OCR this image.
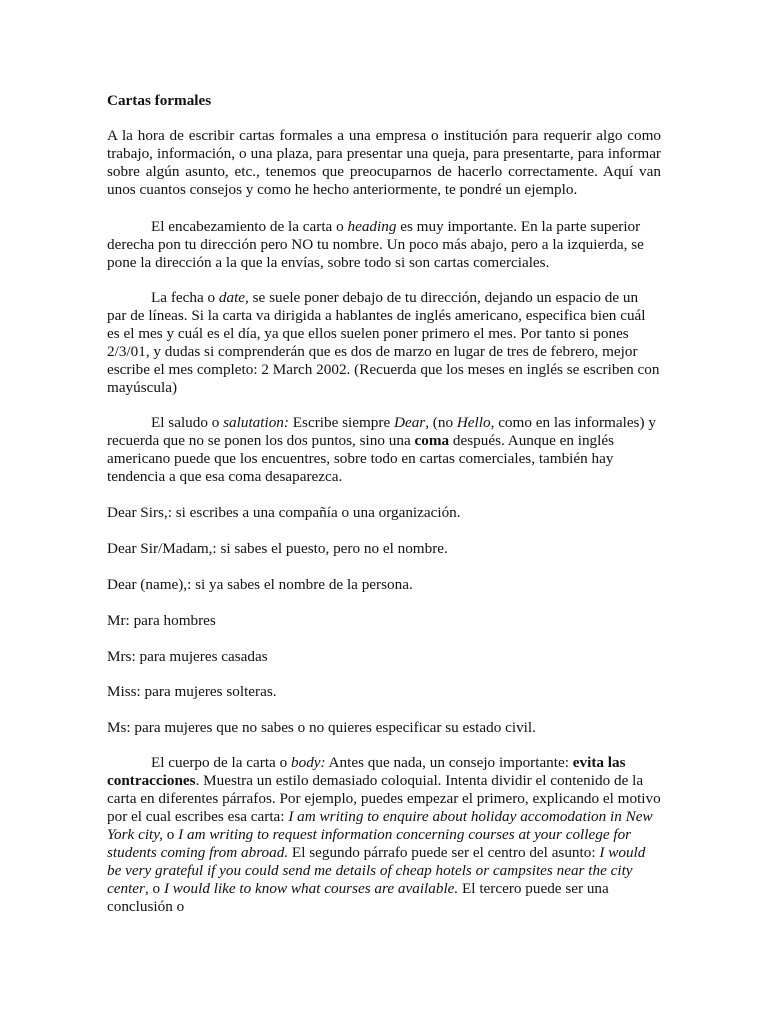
Cartas formales

A la hora de escribir cartas formales a una empresa o institución para requerir algo como trabajo, información, o una plaza, para presentar una queja, para presentarte, para informar sobre algún asunto, etc., tenemos que preocuparnos de hacerlo correctamente. Aquí van unos cuantos consejos y como he hecho anteriormente, te pondré un ejemplo.

El encabezamiento de la carta o heading es muy importante. En la parte superior derecha pon tu dirección pero NO tu nombre. Un poco más abajo, pero a la izquierda, se pone la dirección a la que la envías, sobre todo si son cartas comerciales.

La fecha o date, se suele poner debajo de tu dirección, dejando un espacio de un par de líneas. Si la carta va dirigida a hablantes de inglés americano, especifica bien cuál es el mes y cuál es el día, ya que ellos suelen poner primero el mes. Por tanto si pones 2/3/01, y dudas si comprenderán que es dos de marzo en lugar de tres de febrero, mejor escribe el mes completo: 2 March 2002. (Recuerda que los meses en inglés se escriben con mayúscula)

El saludo o salutation: Escribe siempre Dear, (no Hello, como en las informales) y recuerda que no se ponen los dos puntos, sino una coma después. Aunque en inglés americano puede que los encuentres, sobre todo en cartas comerciales, también hay tendencia a que esa coma desaparezca.

Dear Sirs,: si escribes a una compañía o una organización.

Dear Sir/Madam,: si sabes el puesto, pero no el nombre.

Dear (name),: si ya sabes el nombre de la persona.

Mr: para hombres

Mrs: para mujeres casadas

Miss: para mujeres solteras.

Ms: para mujeres que no sabes o no quieres especificar su estado civil.

El cuerpo de la carta o body: Antes que nada, un consejo importante: evita las contracciones. Muestra un estilo demasiado coloquial. Intenta dividir el contenido de la carta en diferentes párrafos. Por ejemplo, puedes empezar el primero, explicando el motivo por el cual escribes esa carta: I am writing to enquire about holiday accomodation in New York city, o I am writing to request information concerning courses at your college for students coming from abroad. El segundo párrafo puede ser el centro del asunto: I would be very grateful if you could send me details of cheap hotels or campsites near the city center, o I would like to know what courses are available. El tercero puede ser una conclusión o
